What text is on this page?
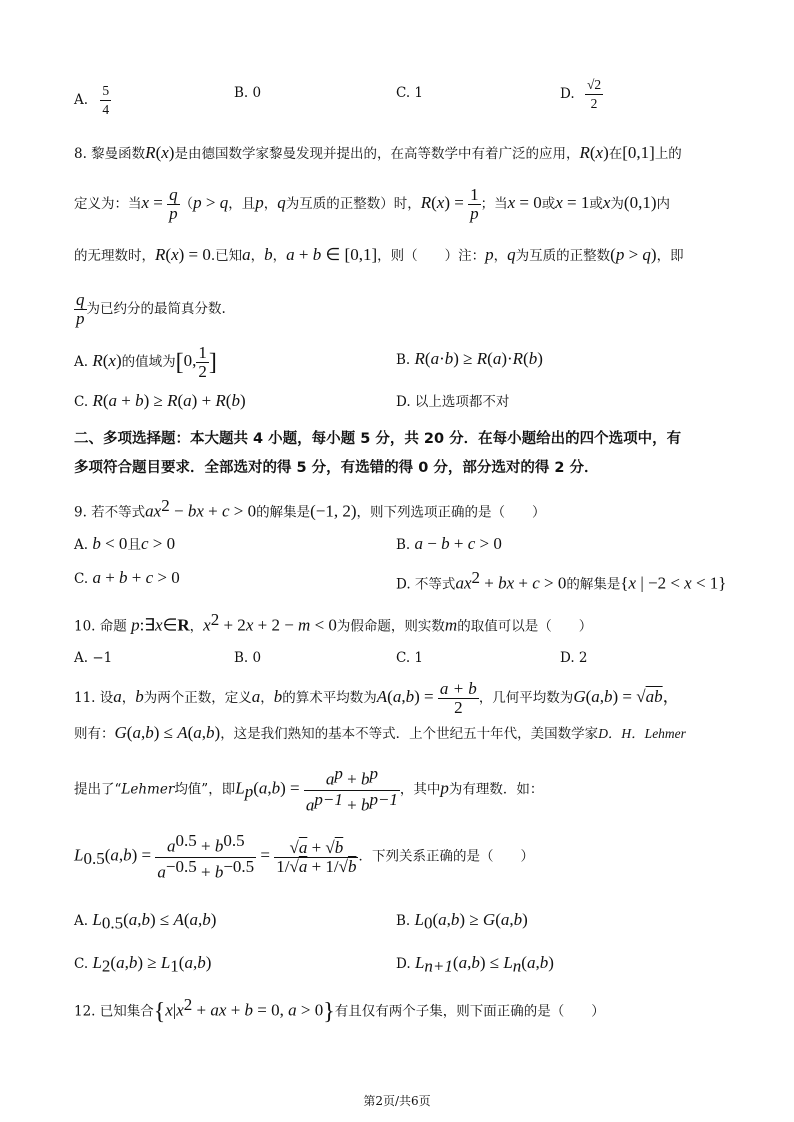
A. $\frac{5}{4}$	B. 0	C. 1	D. $\frac{√2}{2}$
8. 黎曼函数R(x)是由德国数学家黎曼发现并提出的，在高等数学中有着广泛的应用，R(x)在[0,1]上的
定义为：当$x = \frac{q}{p} (p > q$，且p，q为互质的正整数）时，$R(x) = \frac{1}{p}$ ；当x = 0或x = 1或x为(0,1)内
的无理数时，R(x) = 0.已知a，b，a + b ∈ [0,1]，则（　　）注：p，q为互质的正整数(p > q)，即
$\frac{q}{p}$ 为已约分的最简真分数.
A. R(x)的值域为[0, $\frac{1}{2}$ ]	B. R(a·b) ≥ R(a)·R(b)
C. R(a + b) ≥ R(a) + R(b)	D. 以上选项都不对
二、多项选择题：本大题共 4 小题，每小题 5 分，共 20 分．在每小题给出的四个选项中，有
多项符合题目要求．全部选对的得 5 分，有选错的得 0 分，部分选对的得 2 分．
9. 若不等式$ax^2$ − bx + c > 0的解集是(−1, 2)，则下列选项正确的是（　　）
A. b < 0且c > 0	B. a − b + c > 0
C. a + b + c > 0	D. 不等式$ax^2$ + bx + c > 0的解集是{x | −2 < x < 1}
10. 命题 p:∃x∈R，$x^2 + 2x + 2 - m < 0$为假命题，则实数m的取值可以是（　　）
A. −1	B. 0	C. 1	D. 2
11. 设a，b为两个正数，定义a，b的算术平均数为$A(a,b) = \frac{a + b}{2}$ ，几何平均数为G(a,b) = √ab，
则有：G(a,b) ≤ A(a,b)，这是我们熟知的基本不等式．上个世纪五十年代，美国数学家D．H．Lehmer
提出了“Lehmer均值”，即$L_p(a,b) = \frac{a^p + b^p}{a^{p-1} + b^{p-1}}$ ，其中p为有理数．如：
$L_{0.5}(a,b) = \frac{a^{0.5} + b^{0.5}}{a^{-0.5} + b^{-0.5}} = \frac{√a + √b}{1/√a + 1/√b}$ ．下列关系正确的是（　　）
A. $L_{0.5}(a,b) \le A(a,b)$	B. $L_0(a,b) \ge G(a,b)$
C. $L_2(a,b) \ge L_1(a,b)$	D. $L_{n+1}(a,b) \le L_n(a,b)$
12. 已知集合{$x|x^2$ + ax + b = 0, a > 0}有且仅有两个子集，则下面正确的是（　　）
第2页/共6页
